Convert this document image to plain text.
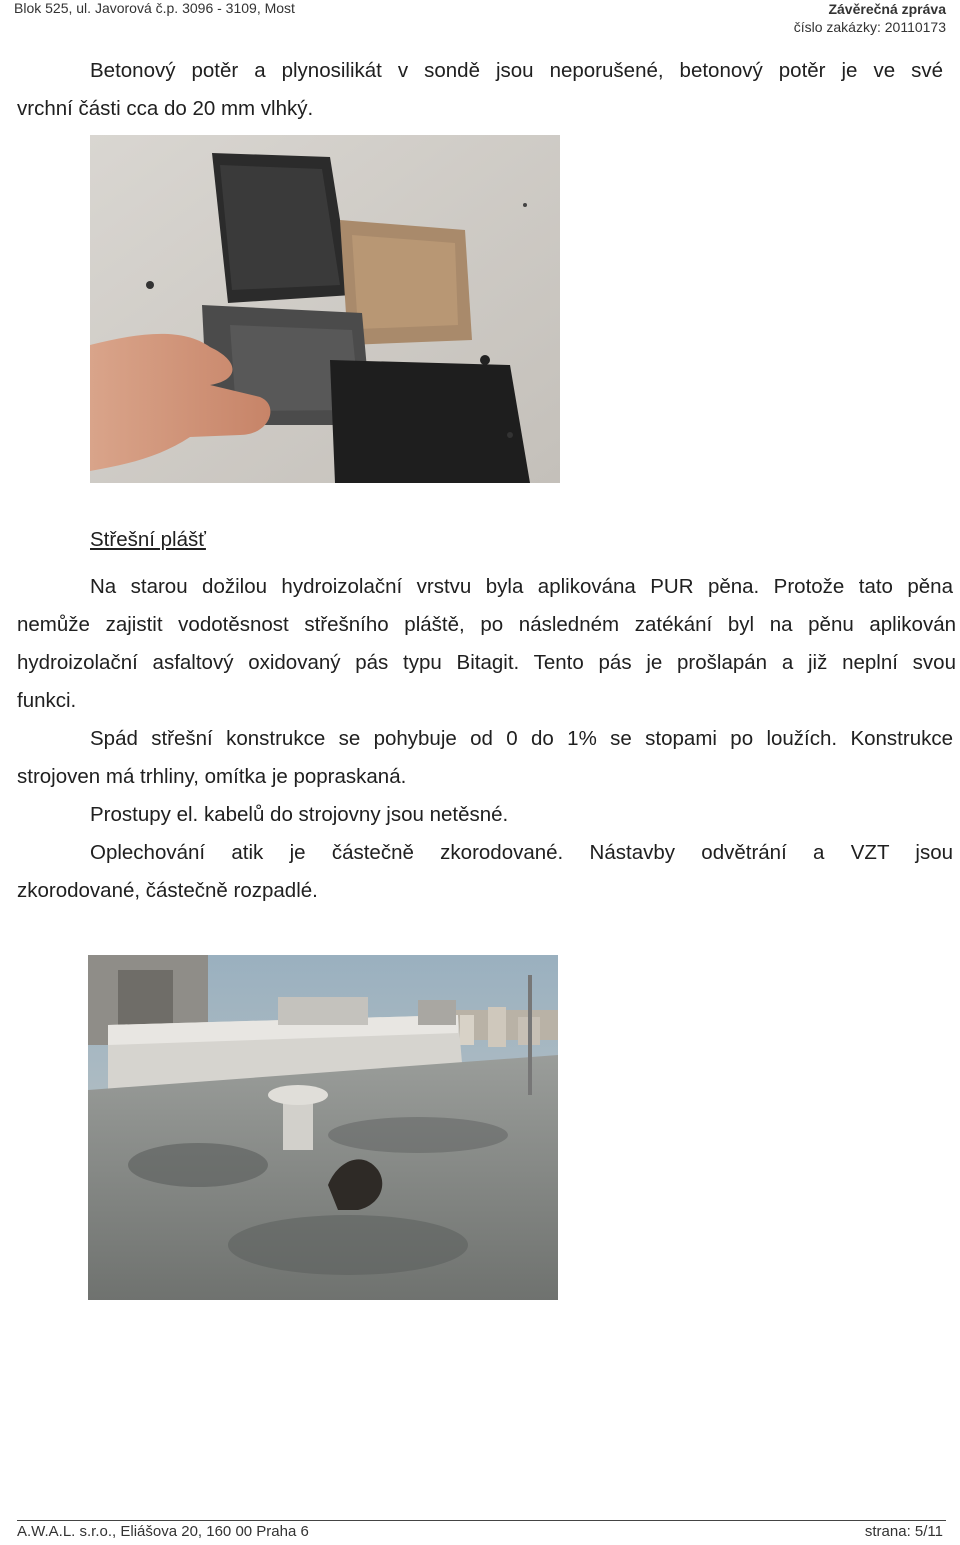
Blok 525, ul. Javorová č.p. 3096 - 3109, Most	Závěrečná zpráva
číslo zakázky: 20110173
Betonový potěr a plynosilikát v sondě jsou neporušené, betonový potěr je ve své
vrchní části cca do 20 mm vlhký.
Střešní plášť
Na starou dožilou hydroizolační vrstvu byla aplikována PUR pěna. Protože tato pěna
nemůže zajistit vodotěsnost střešního pláště, po následném zatékání byl na pěnu aplikován
hydroizolační asfaltový oxidovaný pás typu Bitagit. Tento pás je prošlapán a již neplní svou
funkci.
Spád střešní konstrukce se pohybuje od 0 do 1% se stopami po loužích. Konstrukce
strojoven má trhliny, omítka je popraskaná.
Prostupy el. kabelů do strojovny jsou netěsné.
Oplechování atik je částečně zkorodované. Nástavby odvětrání a VZT jsou
zkorodované, částečně rozpadlé.
A.W.A.L. s.r.o., Eliášova 20, 160 00 Praha 6	strana: 5/11
